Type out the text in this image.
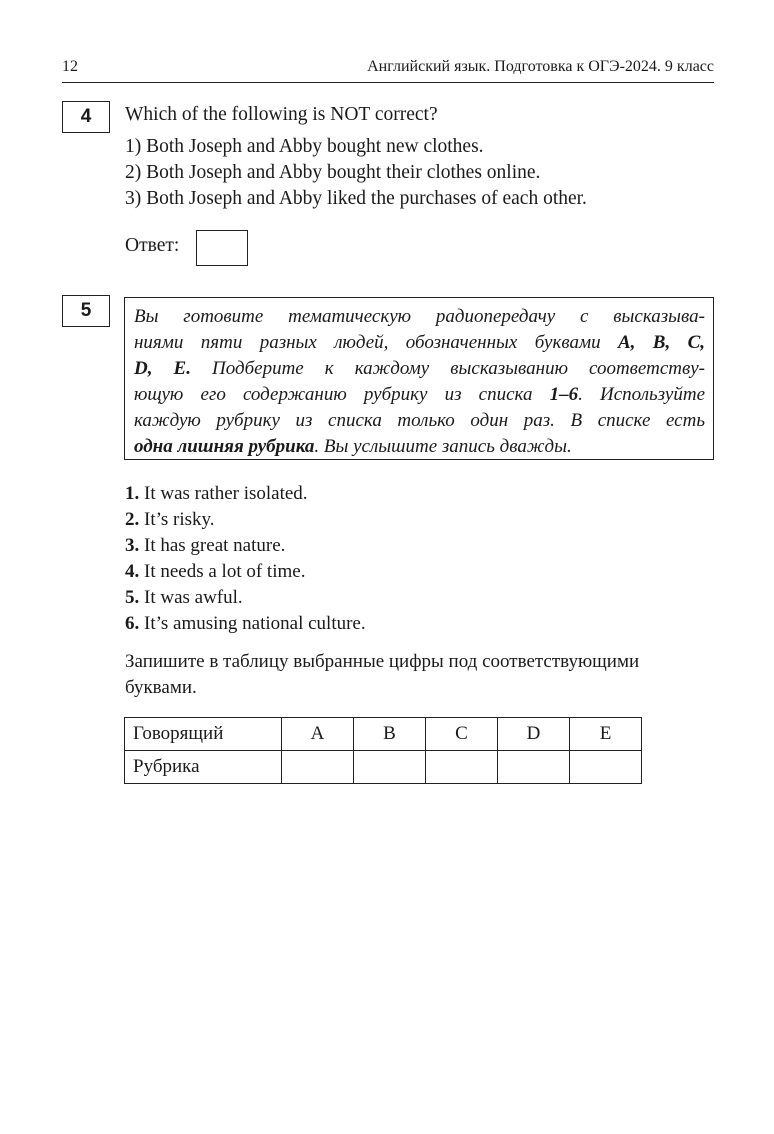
12	Английский язык. Подготовка к ОГЭ-2024. 9 класс
4	Which of the following is NOT correct?
1) Both Joseph and Abby bought new clothes.
2) Both Joseph and Abby bought their clothes online.
3) Both Joseph and Abby liked the purchases of each other.
Ответ:
5	Вы готовите тематическую радиопередачу с высказыва-
ниями пяти разных людей, обозначенных буквами A, B, C,
D, E. Подберите к каждому высказыванию соответству-
ющую его содержанию рубрику из списка 1–6. Используйте
каждую рубрику из списка только один раз. В списке есть
одна лишняя рубрика. Вы услышите запись дважды.
1. It was rather isolated.
2. It’s risky.
3. It has great nature.
4. It needs a lot of time.
5. It was awful.
6. It’s amusing national culture.
Запишите в таблицу выбранные цифры под соответствующими
буквами.
Говорящий	A	B	C	D	E
Рубрика					
